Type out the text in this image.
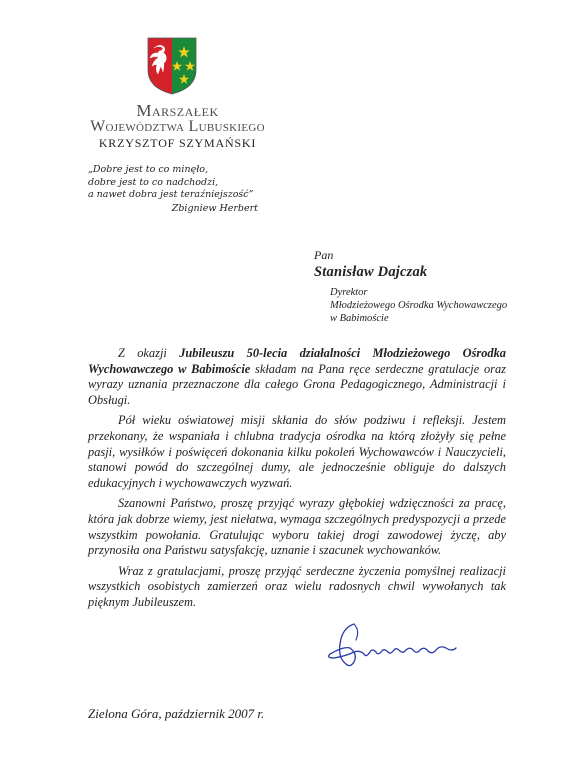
Marszałek
Województwa Lubuskiego
KRZYSZTOF SZYMAŃSKI
„Dobre jest to co minęło,
dobre jest to co nadchodzi,
a nawet dobra jest teraźniejszość”
Zbigniew Herbert
Pan
Stanisław Dajczak
Dyrektor
Młodzieżowego Ośrodka Wychowawczego
w Babimoście

Z okazji Jubileuszu 50-lecia działalności Młodzieżowego Ośrodka Wychowawczego w Babimoście składam na Pana ręce serdeczne gratulacje oraz wyrazy uznania przeznaczone dla całego Grona Pedagogicznego, Administracji i Obsługi.

Pół wieku oświatowej misji skłania do słów podziwu i refleksji. Jestem przekonany, że wspaniała i chlubna tradycja ośrodka na którą złożyły się pełne pasji, wysiłków i poświęceń dokonania kilku pokoleń Wychowawców i Nauczycieli, stanowi powód do szczególnej dumy, ale jednocześnie obliguje do dalszych edukacyjnych i wychowawczych wyzwań.

Szanowni Państwo, proszę przyjąć wyrazy głębokiej wdzięczności za pracę, która jak dobrze wiemy, jest niełatwa, wymaga szczególnych predyspozycji a przede wszystkim powołania. Gratulując wyboru takiej drogi zawodowej życzę, aby przynosiła ona Państwu satysfakcję, uznanie i szacunek wychowanków.

Wraz z gratulacjami, proszę przyjąć serdeczne życzenia pomyślnej realizacji wszystkich osobistych zamierzeń oraz wielu radosnych chwil wywołanych tak pięknym Jubileuszem.

Zielona Góra, październik 2007 r.
